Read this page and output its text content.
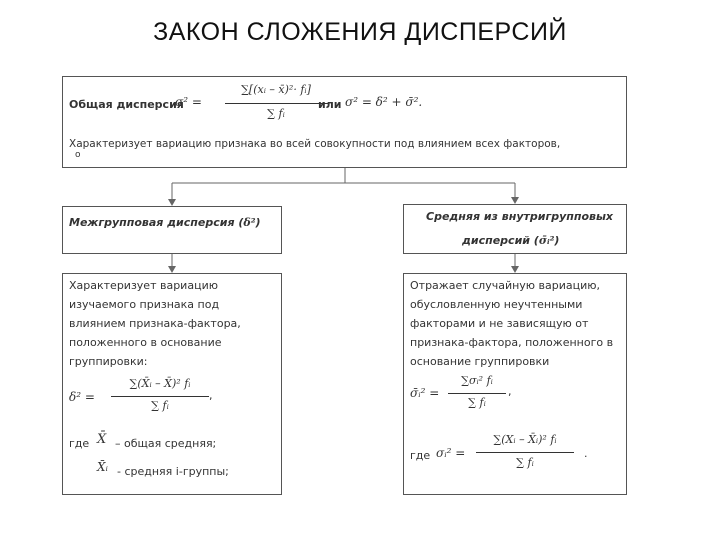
ЗАКОН СЛОЖЕНИЯ ДИСПЕРСИЙ
Общая дисперсия
σ² =
∑[(xᵢ – x̄)²· fᵢ]
∑ fᵢ
или σ² = δ² + σ̄².
Характеризует вариацию признака во всей совокупности под влиянием всех факторов,
о
Межгрупповая дисперсия (δ²)	Средняя из внутригрупповых
дисперсий (σ̄ᵢ²)
Характеризует вариацию
изучаемого признака под
влиянием признака-фактора,
положенного в основание
группировки:
δ² =
∑(X̄ᵢ – X̄)² fᵢ
∑ fᵢ
,
где X̄ – общая средняя;
X̄ᵢ - средняя i-группы;
Отражает случайную вариацию,
обусловленную неучтенными
факторами и не зависящую от
признака-фактора, положенного в
основание группировки
σ̄ᵢ² =
∑σᵢ² fᵢ
∑ fᵢ
,
где σᵢ² =
∑(Xᵢ – X̄ᵢ)² fᵢ
∑ fᵢ
.
